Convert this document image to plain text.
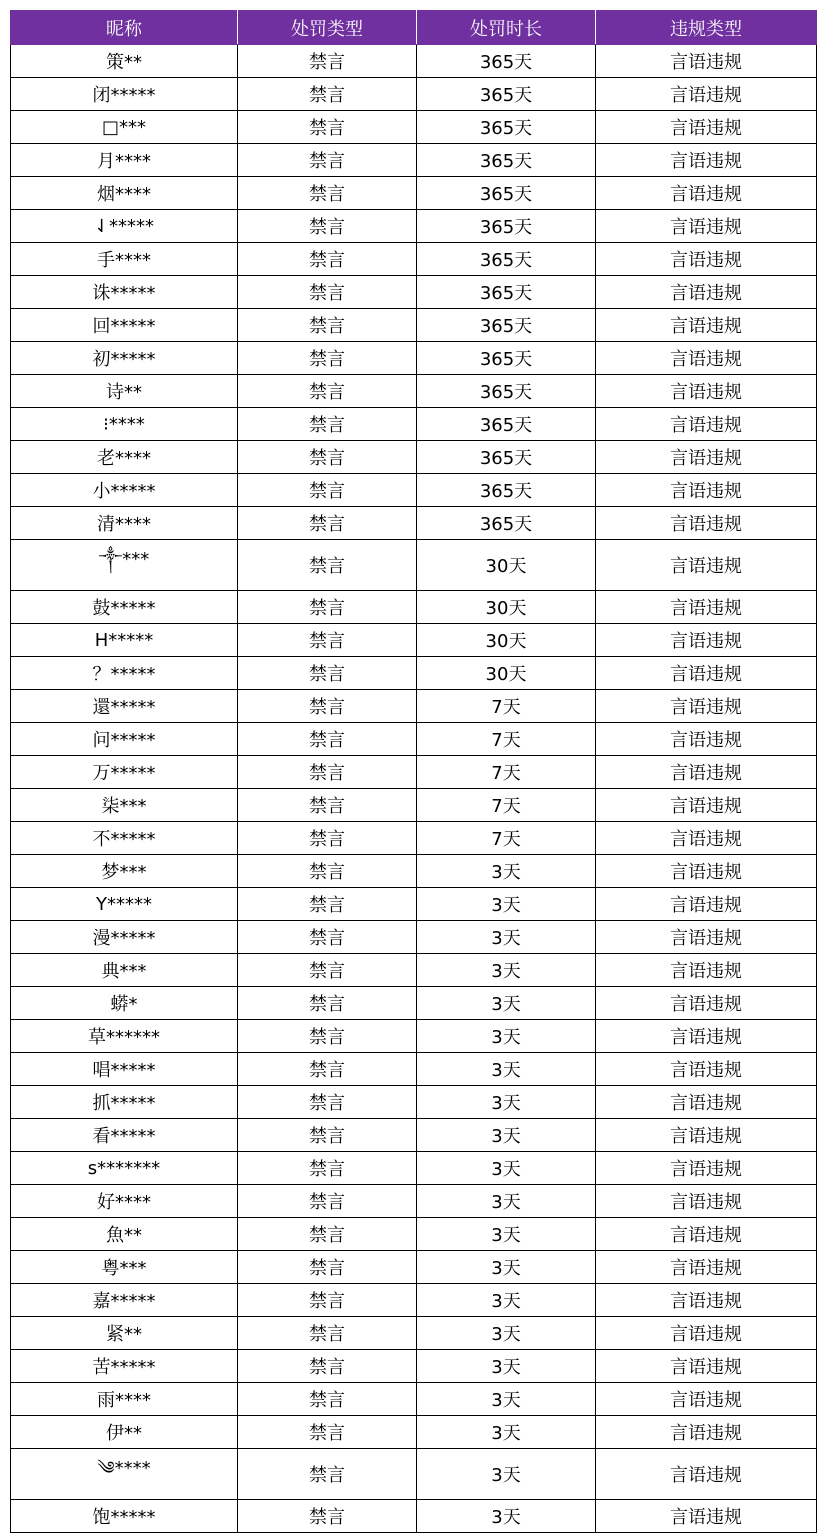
昵称	处罚类型	处罚时长	违规类型
策**	禁言	365天	言语违规
闭*****	禁言	365天	言语违规
□***	禁言	365天	言语违规
月****	禁言	365天	言语违规
烟****	禁言	365天	言语违规
⇃*****	禁言	365天	言语违规
手****	禁言	365天	言语违规
诛*****	禁言	365天	言语违规
回*****	禁言	365天	言语违规
初*****	禁言	365天	言语违规
诗**	禁言	365天	言语违规
⁝****	禁言	365天	言语违规
老****	禁言	365天	言语违规
小*****	禁言	365天	言语违规
清****	禁言	365天	言语违规
༒***	禁言	30天	言语违规
鼓*****	禁言	30天	言语违规
H*****	禁言	30天	言语违规
？*****	禁言	30天	言语违规
還*****	禁言	7天	言语违规
问*****	禁言	7天	言语违规
万*****	禁言	7天	言语违规
柒***	禁言	7天	言语违规
不*****	禁言	7天	言语违规
梦***	禁言	3天	言语违规
Y*****	禁言	3天	言语违规
漫*****	禁言	3天	言语违规
典***	禁言	3天	言语违规
蟒*	禁言	3天	言语违规
草******	禁言	3天	言语违规
唱*****	禁言	3天	言语违规
抓*****	禁言	3天	言语违规
看*****	禁言	3天	言语违规
s*******	禁言	3天	言语违规
好****	禁言	3天	言语违规
魚**	禁言	3天	言语违规
粤***	禁言	3天	言语违规
嘉*****	禁言	3天	言语违规
紧**	禁言	3天	言语违规
苦*****	禁言	3天	言语违规
雨****	禁言	3天	言语违规
伊**	禁言	3天	言语违规
༄****	禁言	3天	言语违规
饱*****	禁言	3天	言语违规
